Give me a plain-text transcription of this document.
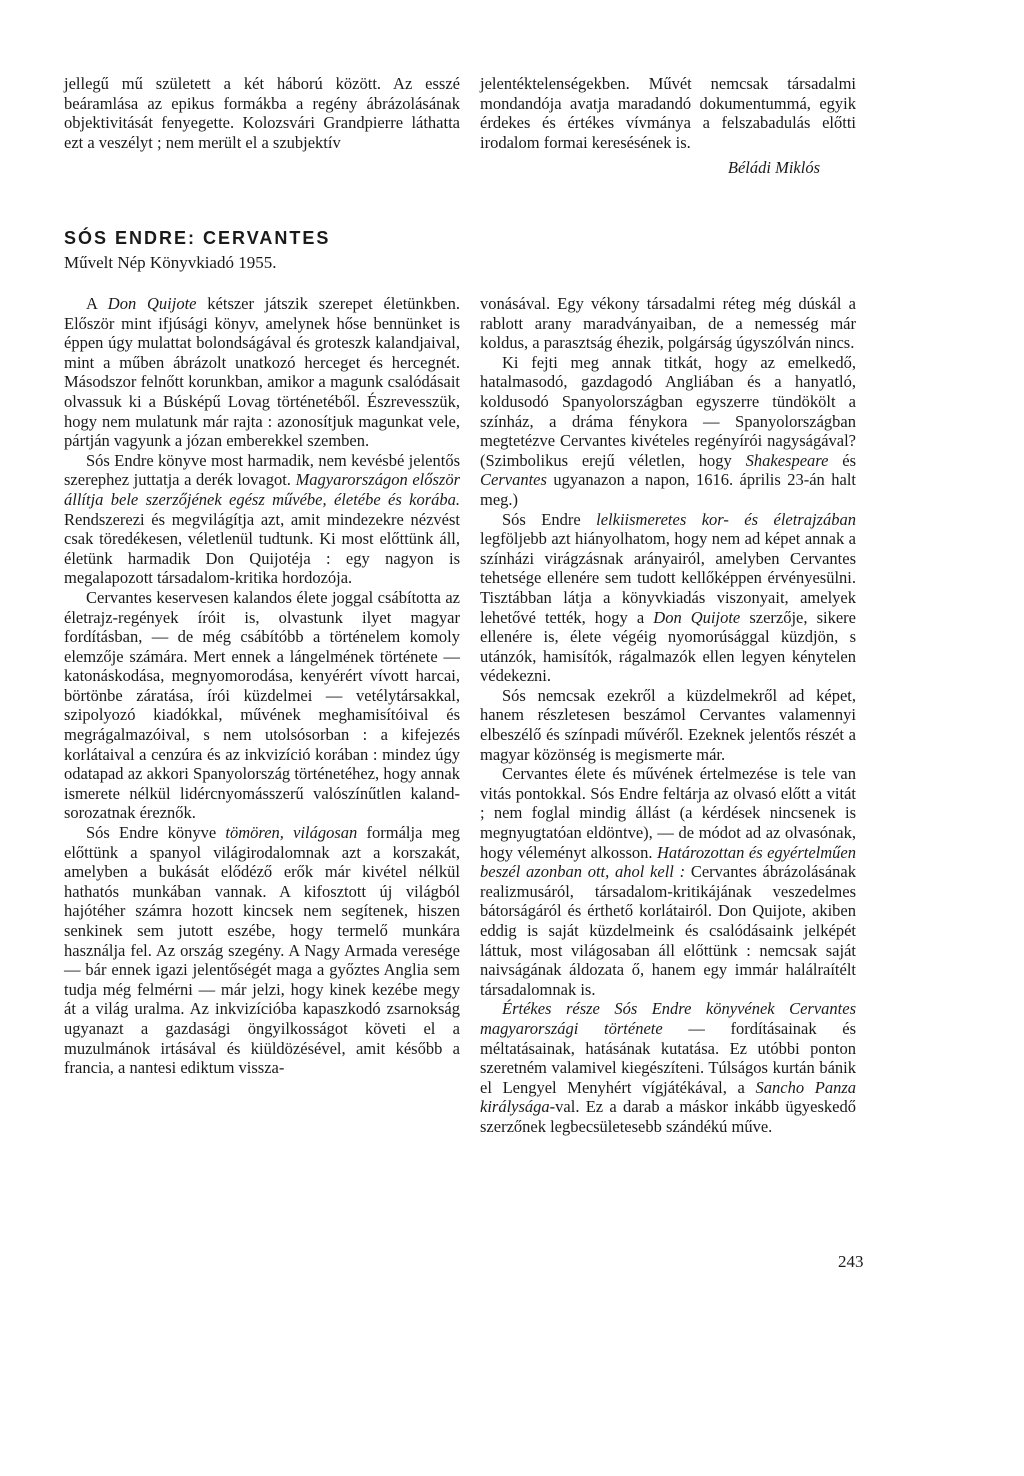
jellegű mű született a két háború között. Az esszé beáramlása az epikus formákba a regény ábrázolásának objektivitását fenyegette. Kolozsvári Grandpierre láthatta ezt a veszélyt ; nem merült el a szubjektív

jelentéktelenségekben. Művét nemcsak társadalmi mondandója avatja maradandó dokumentummá, egyik érdekes és értékes vívmánya a felszabadulás előtti irodalom formai keresésének is.

Béládi Miklós

SÓS ENDRE: CERVANTES

Művelt Nép Könyvkiadó 1955.

A Don Quijote kétszer játszik szerepet életünkben. Először mint ifjúsági könyv, amelynek hőse bennünket is éppen úgy mulattat bolondságával és groteszk kalandjaival, mint a műben ábrázolt unatkozó herceget és hercegnét. Másodszor felnőtt korunkban, amikor a magunk csalódásait olvassuk ki a Búsképű Lovag történetéből. Észrevesszük, hogy nem mulatunk már rajta : azonosítjuk magunkat vele, pártján vagyunk a józan emberekkel szemben.

Sós Endre könyve most harmadik, nem kevésbé jelentős szerephez juttatja a derék lovagot. Magyarországon először állítja bele szerzőjének egész művébe, életébe és korába. Rendszerezi és megvilágítja azt, amit mindezekre nézvést csak töredékesen, véletlenül tudtunk. Ki most előttünk áll, életünk harmadik Don Quijotéja : egy nagyon is megalapozott társadalom-kritika hordozója.

Cervantes keservesen kalandos élete joggal csábította az életrajz-regények íróit is, olvastunk ilyet magyar fordításban, — de még csábítóbb a történelem komoly elemzője számára. Mert ennek a lángelmének története — katonáskodása, megnyomorodása, kenyérért vívott harcai, börtönbe záratása, írói küzdelmei — vetélytársakkal, szipolyozó kiadókkal, művének meghamisítóival és megrágalmazóival, s nem utolsósorban : a kifejezés korlátaival a cenzúra és az inkvizíció korában : mindez úgy odatapad az akkori Spanyolország történetéhez, hogy annak ismerete nélkül lidércnyomásszerű valószínűtlen kaland-sorozatnak éreznők.

Sós Endre könyve tömören, világosan formálja meg előttünk a spanyol világirodalomnak azt a korszakát, amelyben a bukását elődéző erők már kivétel nélkül hathatós munkában vannak. A kifosztott új világból hajótéher számra hozott kincsek nem segítenek, hiszen senkinek sem jutott eszébe, hogy termelő munkára használja fel. Az ország szegény. A Nagy Armada veresége — bár ennek igazi jelentőségét maga a győztes Anglia sem tudja még felmérni — már jelzi, hogy kinek kezébe megy át a világ uralma. Az inkvizícióba kapaszkodó zsarnokság ugyanazt a gazdasági öngyilkosságot követi el a muzulmánok irtásával és kiüldözésével, amit később a francia, a nantesi ediktum vissza-

vonásával. Egy vékony társadalmi réteg még dúskál a rablott arany maradványaiban, de a nemesség már koldus, a parasztság éhezik, polgárság úgyszólván nincs.

Ki fejti meg annak titkát, hogy az emelkedő, hatalmasodó, gazdagodó Angliában és a hanyatló, koldusodó Spanyolországban egyszerre tündökölt a színház, a dráma fénykora — Spanyolországban megtetézve Cervantes kivételes regényírói nagyságával? (Szimbolikus erejű véletlen, hogy Shakespeare és Cervantes ugyanazon a napon, 1616. április 23-án halt meg.)

Sós Endre lelkiismeretes kor- és életrajzában legföljebb azt hiányolhatom, hogy nem ad képet annak a színházi virágzásnak arányairól, amelyben Cervantes tehetsége ellenére sem tudott kellőképpen érvényesülni. Tisztábban látja a könyvkiadás viszonyait, amelyek lehetővé tették, hogy a Don Quijote szerzője, sikere ellenére is, élete végéig nyomorúsággal küzdjön, s utánzók, hamisítók, rágalmazók ellen legyen kénytelen védekezni.

Sós nemcsak ezekről a küzdelmekről ad képet, hanem részletesen beszámol Cervantes valamennyi elbeszélő és színpadi művéről. Ezeknek jelentős részét a magyar közönség is megismerte már.

Cervantes élete és művének értelmezése is tele van vitás pontokkal. Sós Endre feltárja az olvasó előtt a vitát ; nem foglal mindig állást (a kérdések nincsenek is megnyugtatóan eldöntve), — de módot ad az olvasónak, hogy véleményt alkosson. Határozottan és egyértelműen beszél azonban ott, ahol kell : Cervantes ábrázolásának realizmusáról, társadalom-kritikájának veszedelmes bátorságáról és érthető korlátairól. Don Quijote, akiben eddig is saját küzdelmeink és csalódásaink jelképét láttuk, most világosaban áll előttünk : nemcsak saját naivságának áldozata ő, hanem egy immár halálraítélt társadalomnak is.

Értékes része Sós Endre könyvének Cervantes magyarországi története — fordításainak és méltatásainak, hatásának kutatása. Ez utóbbi ponton szeretném valamivel kiegészíteni. Túlságos kurtán bánik el Lengyel Menyhért vígjátékával, a Sancho Panza királysága-val. Ez a darab a máskor inkább ügyeskedő szerzőnek legbecsületesebb szándékú műve.

243
